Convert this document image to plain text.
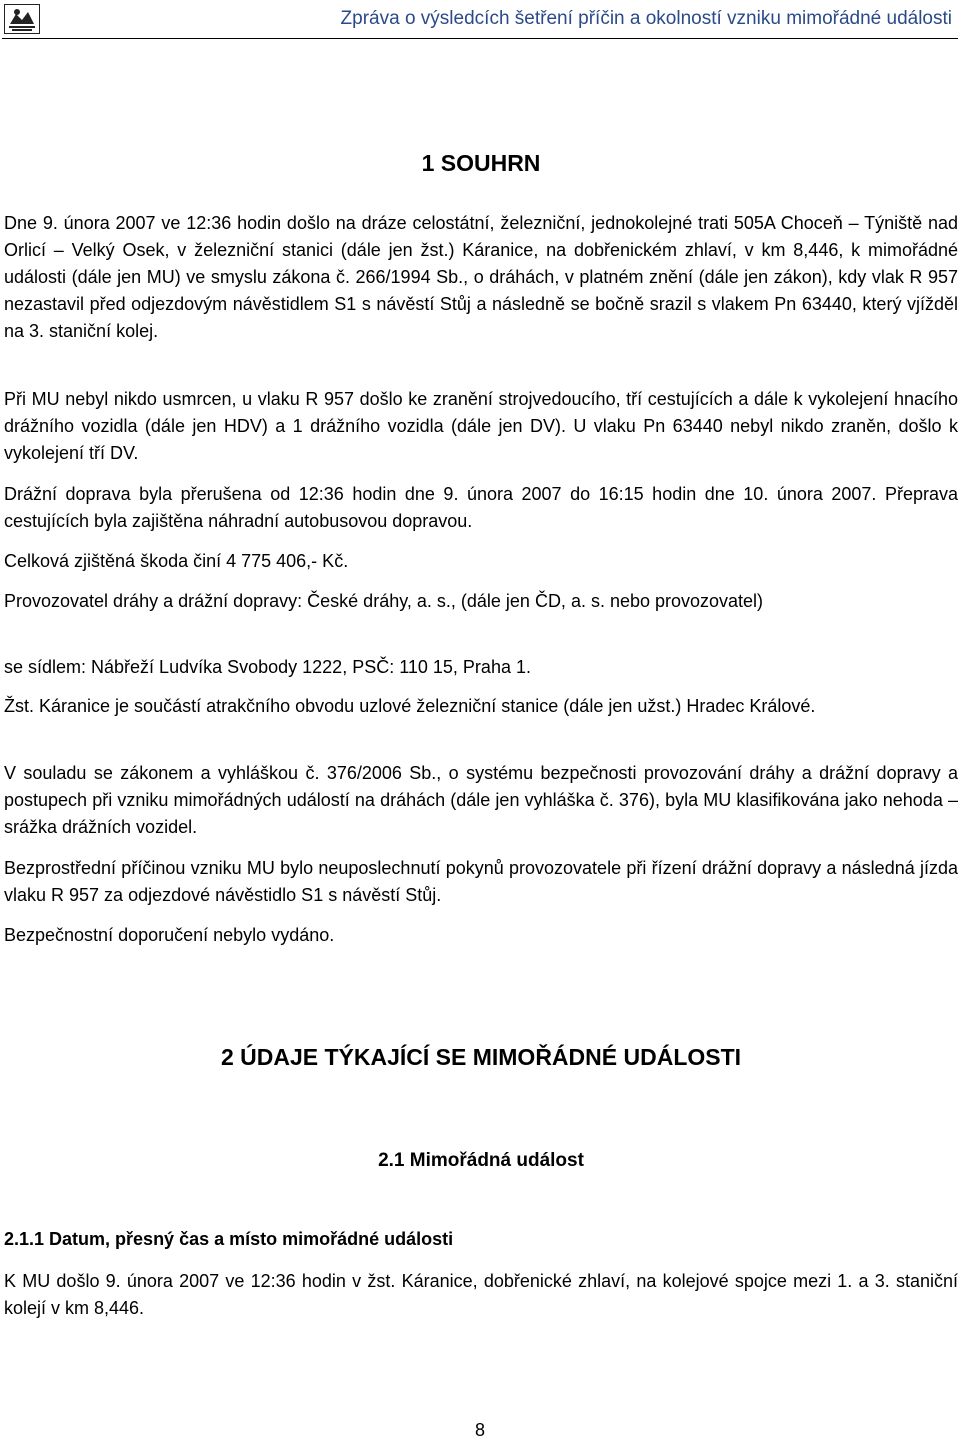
Zpráva o výsledcích šetření příčin a okolností vzniku mimořádné události
1 SOUHRN
Dne 9. února 2007 ve 12:36 hodin došlo na dráze celostátní, železniční, jednokolejné trati 505A Choceň – Týniště nad Orlicí – Velký Osek, v železniční stanici (dále jen žst.) Káranice, na dobřenickém zhlaví, v km 8,446, k mimořádné události (dále jen MU) ve smyslu zákona č. 266/1994 Sb., o dráhách, v platném znění (dále jen zákon), kdy vlak R 957 nezastavil před odjezdovým návěstidlem S1 s návěstí Stůj a následně se bočně srazil s vlakem Pn 63440, který vjížděl na 3. staniční kolej.
Při MU nebyl nikdo usmrcen, u vlaku R 957 došlo ke zranění strojvedoucího, tří cestujících a dále k vykolejení hnacího drážního vozidla (dále jen HDV) a 1 drážního vozidla (dále jen DV). U vlaku Pn 63440 nebyl nikdo zraněn, došlo k vykolejení tří DV.
Drážní doprava byla přerušena od 12:36 hodin dne 9. února 2007 do 16:15 hodin dne 10. února 2007. Přeprava cestujících byla zajištěna náhradní autobusovou dopravou.
Celková zjištěná škoda činí 4 775 406,- Kč.
Provozovatel dráhy a drážní dopravy: České dráhy, a. s., (dále jen ČD, a. s. nebo provozovatel)
se sídlem: Nábřeží Ludvíka Svobody 1222, PSČ: 110 15, Praha 1.
Žst. Káranice je součástí atrakčního obvodu uzlové železniční stanice (dále jen užst.) Hradec Králové.
V souladu se zákonem a vyhláškou č. 376/2006 Sb., o systému bezpečnosti provozování dráhy a drážní dopravy a postupech při vzniku mimořádných událostí na dráhách (dále jen vyhláška č. 376), byla MU klasifikována jako nehoda – srážka drážních vozidel.
Bezprostřední příčinou vzniku MU bylo neuposlechnutí pokynů provozovatele při řízení drážní dopravy a následná jízda vlaku R 957 za odjezdové návěstidlo S1 s návěstí Stůj.
Bezpečnostní doporučení nebylo vydáno.
2 ÚDAJE TÝKAJÍCÍ SE MIMOŘÁDNÉ UDÁLOSTI
2.1 Mimořádná událost
2.1.1 Datum, přesný čas a místo mimořádné události
K MU došlo 9. února 2007 ve 12:36 hodin v žst. Káranice, dobřenické zhlaví, na kolejové spojce mezi 1. a 3. staniční kolejí v km 8,446.
8
